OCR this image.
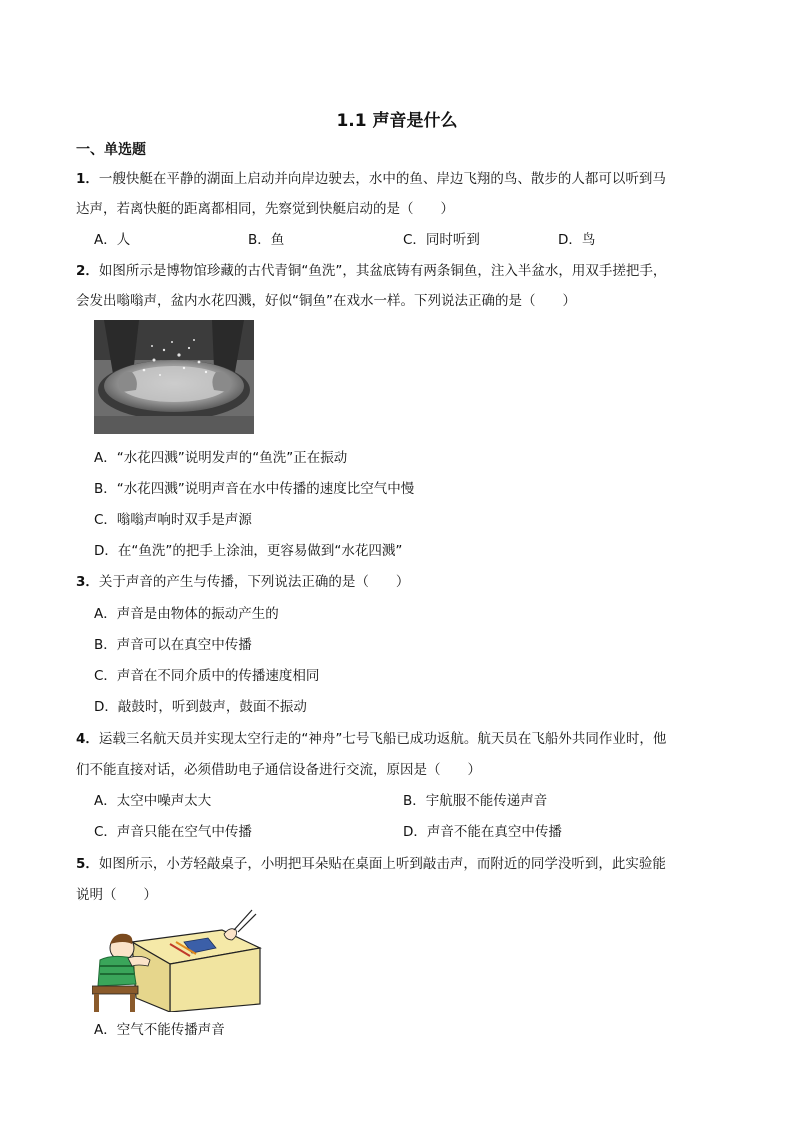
1.1 声音是什么
一、单选题
1．一艘快艇在平静的湖面上启动并向岸边驶去，水中的鱼、岸边飞翔的鸟、散步的人都可以听到马
达声，若离快艇的距离都相同，先察觉到快艇启动的是（　　）
A．人	B．鱼	C．同时听到	D．鸟
2．如图所示是博物馆珍藏的古代青铜“鱼洗”，其盆底铸有两条铜鱼，注入半盆水，用双手搓把手，
会发出嗡嗡声，盆内水花四溅，好似“铜鱼”在戏水一样。下列说法正确的是（　　）
A．“水花四溅”说明发声的“鱼洗”正在振动
B．“水花四溅”说明声音在水中传播的速度比空气中慢
C．嗡嗡声响时双手是声源
D．在“鱼洗”的把手上涂油，更容易做到“水花四溅”
3．关于声音的产生与传播，下列说法正确的是（　　）
A．声音是由物体的振动产生的
B．声音可以在真空中传播
C．声音在不同介质中的传播速度相同
D．敲鼓时，听到鼓声，鼓面不振动
4．运载三名航天员并实现太空行走的“神舟”七号飞船已成功返航。航天员在飞船外共同作业时，他
们不能直接对话，必须借助电子通信设备进行交流，原因是（　　）
A．太空中噪声太大	B．宇航服不能传递声音
C．声音只能在空气中传播	D．声音不能在真空中传播
5．如图所示，小芳轻敲桌子，小明把耳朵贴在桌面上听到敲击声，而附近的同学没听到，此实验能
说明（　　）
A．空气不能传播声音
